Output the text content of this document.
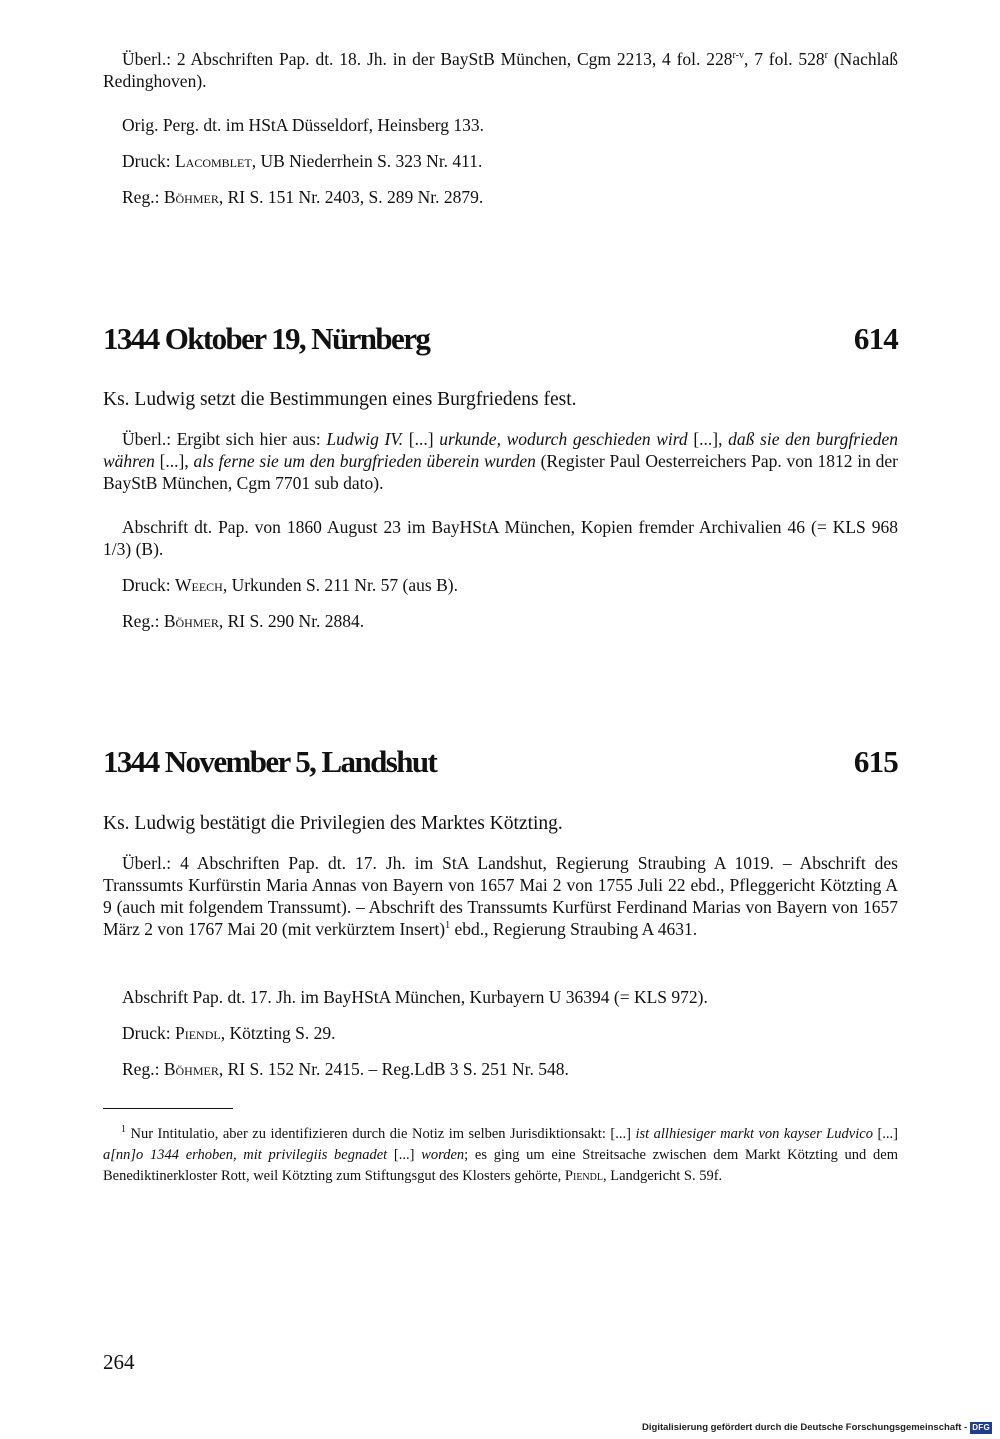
Überl.: 2 Abschriften Pap. dt. 18. Jh. in der BayStB München, Cgm 2213, 4 fol. 228$^{r-v}$, 7 fol. 528$^r$ (Nachlaß Redinghoven).

Orig. Perg. dt. im HStA Düsseldorf, Heinsberg 133.

Druck: Lacomblet, UB Niederrhein S. 323 Nr. 411.

Reg.: Böhmer, RI S. 151 Nr. 2403, S. 289 Nr. 2879.

1344 Oktober 19, Nürnberg	614

Ks. Ludwig setzt die Bestimmungen eines Burgfriedens fest.

Überl.: Ergibt sich hier aus: Ludwig IV. [...] urkunde, wodurch geschieden wird [...], daß sie den burgfrieden währen [...], als ferne sie um den burgfrieden überein wurden (Register Paul Oesterreichers Pap. von 1812 in der BayStB München, Cgm 7701 sub dato).

Abschrift dt. Pap. von 1860 August 23 im BayHStA München, Kopien fremder Archivalien 46 (= KLS 968 1/3) (B).

Druck: Weech, Urkunden S. 211 Nr. 57 (aus B).

Reg.: Böhmer, RI S. 290 Nr. 2884.

1344 November 5, Landshut	615

Ks. Ludwig bestätigt die Privilegien des Marktes Kötzting.

Überl.: 4 Abschriften Pap. dt. 17. Jh. im StA Landshut, Regierung Straubing A 1019. – Abschrift des Transsumts Kurfürstin Maria Annas von Bayern von 1657 Mai 2 von 1755 Juli 22 ebd., Pfleggericht Kötzting A 9 (auch mit folgendem Transsumt). – Abschrift des Transsumts Kurfürst Ferdinand Marias von Bayern von 1657 März 2 von 1767 Mai 20 (mit verkürztem Insert)$^1$ ebd., Regierung Straubing A 4631.

Abschrift Pap. dt. 17. Jh. im BayHStA München, Kurbayern U 36394 (= KLS 972).

Druck: Piendl, Kötzting S. 29.

Reg.: Böhmer, RI S. 152 Nr. 2415. – Reg.LdB 3 S. 251 Nr. 548.

$^1$ Nur Intitulatio, aber zu identifizieren durch die Notiz im selben Jurisdiktionsakt: [...] ist allhiesiger markt von kayser Ludvico [...] a[nn]o 1344 erhoben, mit privilegiis begnadet [...] worden; es ging um eine Streitsache zwischen dem Markt Kötzting und dem Benediktinerkloster Rott, weil Kötzting zum Stiftungsgut des Klosters gehörte, Piendl, Landgericht S. 59f.

264
Digitalisierung gefördert durch die Deutsche Forschungsgemeinschaft - DFG
